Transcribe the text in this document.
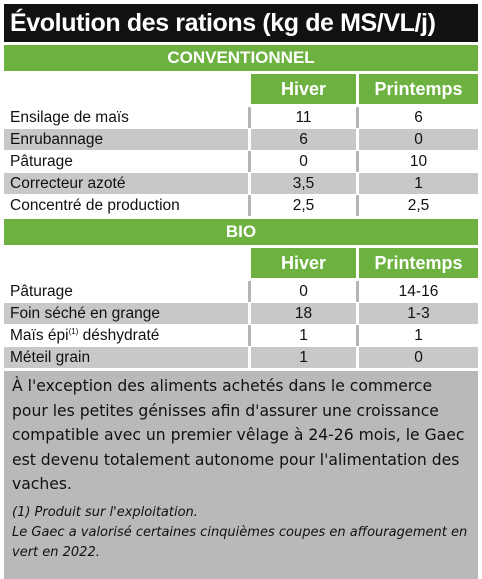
Évolution des rations (kg de MS/VL/j)
CONVENTIONNEL
Hiver	Printemps
Ensilage de maïs	11	6
Enrubannage	6	0
Pâturage	0	10
Correcteur azoté	3,5	1
Concentré de production	2,5	2,5
BIO
Hiver	Printemps
Pâturage	0	14-16
Foin séché en grange	18	1-3
Maïs épi$^{(1)}$ déshydraté	1	1
Méteil grain	1	0

À l'exception des aliments achetés dans le commerce pour les petites génisses afin d'assurer une croissance compatible avec un premier vêlage à 24-26 mois, le Gaec est devenu totalement autonome pour l'alimentation des vaches.

(1) Produit sur l'exploitation.

Le Gaec a valorisé certaines cinquièmes coupes en affouragement en vert en 2022.
